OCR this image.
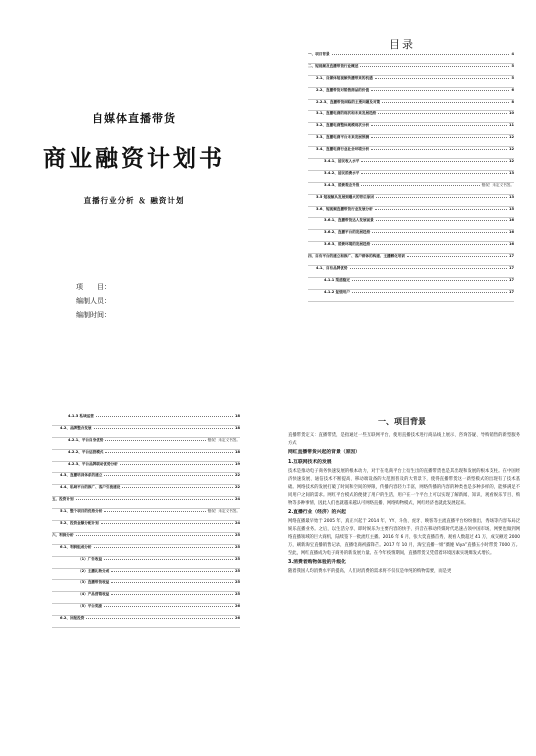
自媒体直播带货
商业融资计划书
直播行业分析 ＆ 融资计划
项　　目：
编制人员：
编制时间：
目录
一、项目背景	4
二、短视频及直播带货行业概述	5
2.1、自媒体短视频传播带来的机遇	5
2.2、直播带货对销售商品的价值	6
2.2.3、直播带货面临的主要问题及对策	8
3.1、直播电商的现状和未来发展趋势	10
3.2、直播电商整体规模现状分析	11
3.3、直播电商平台未来发展预测	12
3.4、直播电商行业社会环境分析	12
3.4.1、居民收入水平	12
3.4.2、居民消费水平	13
3.4.3、消费观念升级	错误！未定义书签。
3.5 短视频从发展到爆火的背后原因	13
3.6、短视频直播带货行业发展分析	15
3.6.1、直播带货达人发展前景	16
3.6.2、直播平台的发展趋势	16
3.6.3、消费环境的发展趋势	16
四、自有平台的建立和推广、客户群体的构建、主播孵化培训	17
4.1、自有品牌优势	17
4.1.1 渠道稳定	17
4.1.2 复情用户	17
4.1.3 私域运营	18
4.2、品牌整合发展	18
4.2.1、平台自身优势	错误！未定义书签。
4.2.2、平台运营模式	18
4.2.3、平台品牌联动优势分析	19
4.3、直播培训体系的建立	22
4.4、私域平台的推广、客户引流建设	22
五、投资计划	24
5.1、整个项目的优势分析	错误！未定义书签。
5.2、投资金额分配计划	24
六、利润分析	25
6.1、利润组成分析	25
（1）广告收益	25
（2）主播礼物分成	25
（3）直播带货收益	25
（4）产品营销收益	25
（5）平台奖励	26
6.2、回报投资	26
一、项目背景

直播带货定义：直播带货，是指通过一些互联网平台，使用直播技术进行商品线上展示、咨询答疑、导购销售的新型服务方式

网红直播带货兴起的背景（原因）

1.互联网技术的发展

技术是推动电子商务快速发展的根本动力，对于在电商平台上衍生出的直播带货也是其出现和发展的根本支柱。在中国经济快速发展、通信技术不断提高、移动端设备的大范围普及的大背景下，使得直播带货这一新型模式的出现有了技术基础。网络技术的发展打破了时间和空间的界限，传播内容轻力丰富，网络传播的内容的种类也是多种多样的，能够满足不同用户之间的需求。网红平台模式的便捷了用户的生活，用户在一个平台上可以实现了解新闻、知识、观看娱乐节目、购物等多种事情，因此人们也就越来越认可网络直播、网络购物模式，网红经济也就此发展起来。

2.直播行业（经济）的兴起

网络直播最早始于 2005 年，真正兴起于 2014 年，YY、斗鱼、虎牙、映客等主流直播平台纷纷推出，秀场等内容布局泛娱乐直播业务。之后，以生活分享、即时娱乐为主要内容的快手、抖音在移动传媒时代迅速占领中国市场，网要也做到网络直播领域的巨大商机，陆续签下一批流红主播。2016 年 6 月，张大奕直播首秀，观看人数超过 41 万，成交额近 2000 万，刷新淘宝直播销售记录，直播电商初露锋芒。2017 年 10 月，淘宝直播一姐“薇娅 Viya”直播五小时带货 7000 万。至此，网红直播成为电子商务的新发展力量。在今年疫情期间，直播带货又凭借着环境因素实现爆发式增长。

3.消费者购物体验的升级化

随着我国人均消费水平的提高，人们对消费的需求将不仅仅是单纯的购物需要，而是更
